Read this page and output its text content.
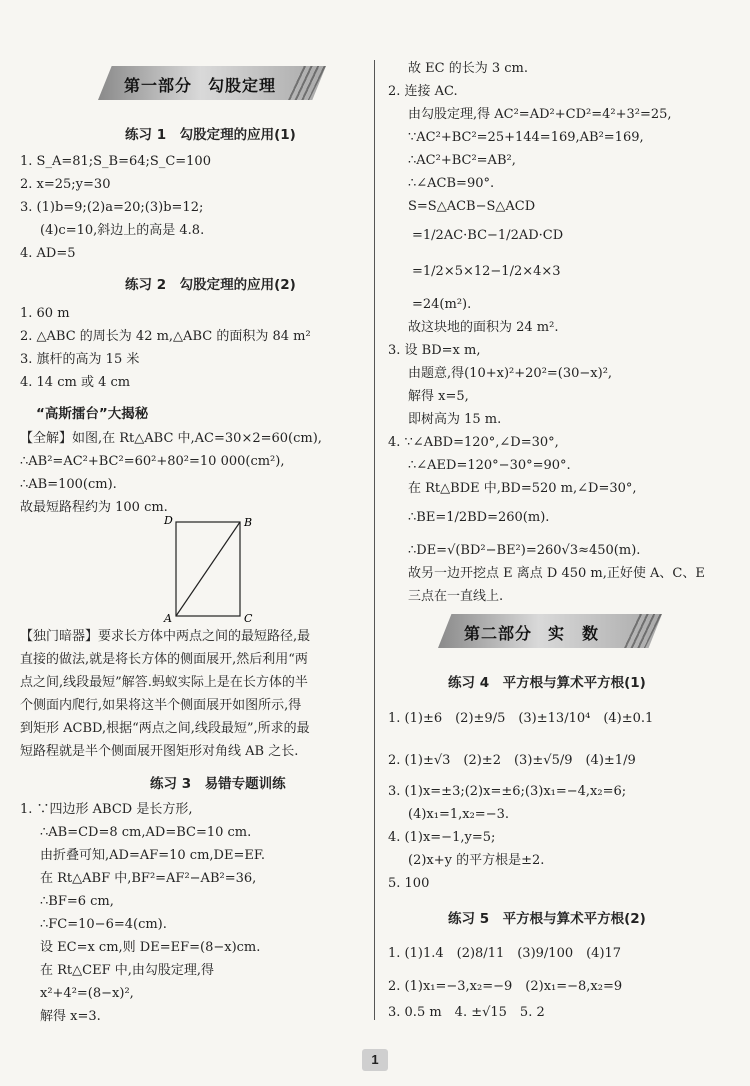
第一部分 勾股定理
练习 1　勾股定理的应用(1)
1. S_A=81;S_B=64;S_C=100
2. x=25;y=30
3. (1)b=9;(2)a=20;(3)b=12;
(4)c=10,斜边上的高是 4.8.
4. AD=5
练习 2　勾股定理的应用(2)
1. 60 m
2. △ABC 的周长为 42 m,△ABC 的面积为 84 m²
3. 旗杆的高为 15 米
4. 14 cm 或 4 cm
“高斯擂台”大揭秘
【全解】如图,在 Rt△ABC 中,AC=30×2=60(cm),
∴AB²=AC²+BC²=60²+80²=10 000(cm²),
∴AB=100(cm).
故最短路程约为 100 cm.
D	B
A	C
【独门暗器】要求长方体中两点之间的最短路径,最
直接的做法,就是将长方体的侧面展开,然后利用“两
点之间,线段最短”解答.蚂蚁实际上是在长方体的半
个侧面内爬行,如果将这半个侧面展开如图所示,得
到矩形 ACBD,根据“两点之间,线段最短”,所求的最
短路程就是半个侧面展开图矩形对角线 AB 之长.
练习 3　易错专题训练
1. ∵四边形 ABCD 是长方形,
∴AB=CD=8 cm,AD=BC=10 cm.
由折叠可知,AD=AF=10 cm,DE=EF.
在 Rt△ABF 中,BF²=AF²−AB²=36,
∴BF=6 cm,
∴FC=10−6=4(cm).
设 EC=x cm,则 DE=EF=(8−x)cm.
在 Rt△CEF 中,由勾股定理,得
x²+4²=(8−x)²,
解得 x=3.
故 EC 的长为 3 cm.
2. 连接 AC.
由勾股定理,得 AC²=AD²+CD²=4²+3²=25,
∵AC²+BC²=25+144=169,AB²=169,
∴AC²+BC²=AB²,
∴∠ACB=90°.
S=S△ACB−S△ACD
=1/2AC·BC−1/2AD·CD
=1/2×5×12−1/2×4×3
=24(m²).
故这块地的面积为 24 m².
3. 设 BD=x m,
由题意,得(10+x)²+20²=(30−x)²,
解得 x=5,
即树高为 15 m.
4. ∵∠ABD=120°,∠D=30°,
∴∠AED=120°−30°=90°.
在 Rt△BDE 中,BD=520 m,∠D=30°,
∴BE=1/2BD=260(m).
∴DE=√(BD²−BE²)=260√3≈450(m).
故另一边开挖点 E 离点 D 450 m,正好使 A、C、E
三点在一直线上.
第二部分 实　数
练习 4　平方根与算术平方根(1)
1. (1)±6　(2)±9/5　(3)±13/10⁴　(4)±0.1
2. (1)±√3　(2)±2　(3)±√5/9　(4)±1/9
3. (1)x=±3;(2)x=±6;(3)x₁=−4,x₂=6;
(4)x₁=1,x₂=−3.
4. (1)x=−1,y=5;
(2)x+y 的平方根是±2.
5. 100
练习 5　平方根与算术平方根(2)
1. (1)1.4　(2)8/11　(3)9/100　(4)17
2. (1)x₁=−3,x₂=−9　(2)x₁=−8,x₂=9
3. 0.5 m　4. ±√15　5. 2
1
